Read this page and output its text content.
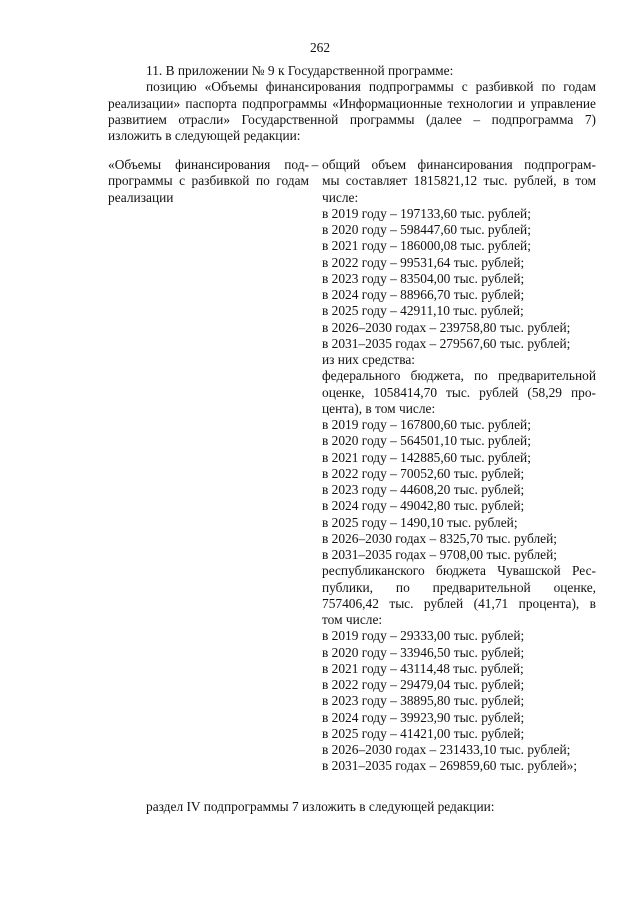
262

11. В приложении № 9 к Государственной программе:

позицию «Объемы финансирования подпрограммы с разбивкой по годам реализации» паспорта подпрограммы «Информационные технологии и управление развитием отрасли» Государственной программы (далее – подпрограмма 7) изложить в следующей редакции:

«Объемы финансирования под-
программы с разбивкой по годам реализации
– общий объем финансирования подпрограм-
мы составляет 1815821,12 тыс. рублей, в том
числе:
в 2019 году – 197133,60 тыс. рублей;
в 2020 году – 598447,60 тыс. рублей;
в 2021 году – 186000,08 тыс. рублей;
в 2022 году – 99531,64 тыс. рублей;
в 2023 году – 83504,00 тыс. рублей;
в 2024 году – 88966,70 тыс. рублей;
в 2025 году – 42911,10 тыс. рублей;
в 2026–2030 годах – 239758,80 тыс. рублей;
в 2031–2035 годах – 279567,60 тыс. рублей;
из них средства:
федерального бюджета, по предварительной
оценке, 1058414,70 тыс. рублей (58,29 про-
цента), в том числе:
в 2019 году – 167800,60 тыс. рублей;
в 2020 году – 564501,10 тыс. рублей;
в 2021 году – 142885,60 тыс. рублей;
в 2022 году – 70052,60 тыс. рублей;
в 2023 году – 44608,20 тыс. рублей;
в 2024 году – 49042,80 тыс. рублей;
в 2025 году – 1490,10 тыс. рублей;
в 2026–2030 годах – 8325,70 тыс. рублей;
в 2031–2035 годах – 9708,00 тыс. рублей;
республиканского бюджета Чувашской Рес-
публики, по предварительной оценке,
757406,42 тыс. рублей (41,71 процента), в
том числе:
в 2019 году – 29333,00 тыс. рублей;
в 2020 году – 33946,50 тыс. рублей;
в 2021 году – 43114,48 тыс. рублей;
в 2022 году – 29479,04 тыс. рублей;
в 2023 году – 38895,80 тыс. рублей;
в 2024 году – 39923,90 тыс. рублей;
в 2025 году – 41421,00 тыс. рублей;
в 2026–2030 годах – 231433,10 тыс. рублей;
в 2031–2035 годах – 269859,60 тыс. рублей»;
раздел IV подпрограммы 7 изложить в следующей редакции:
